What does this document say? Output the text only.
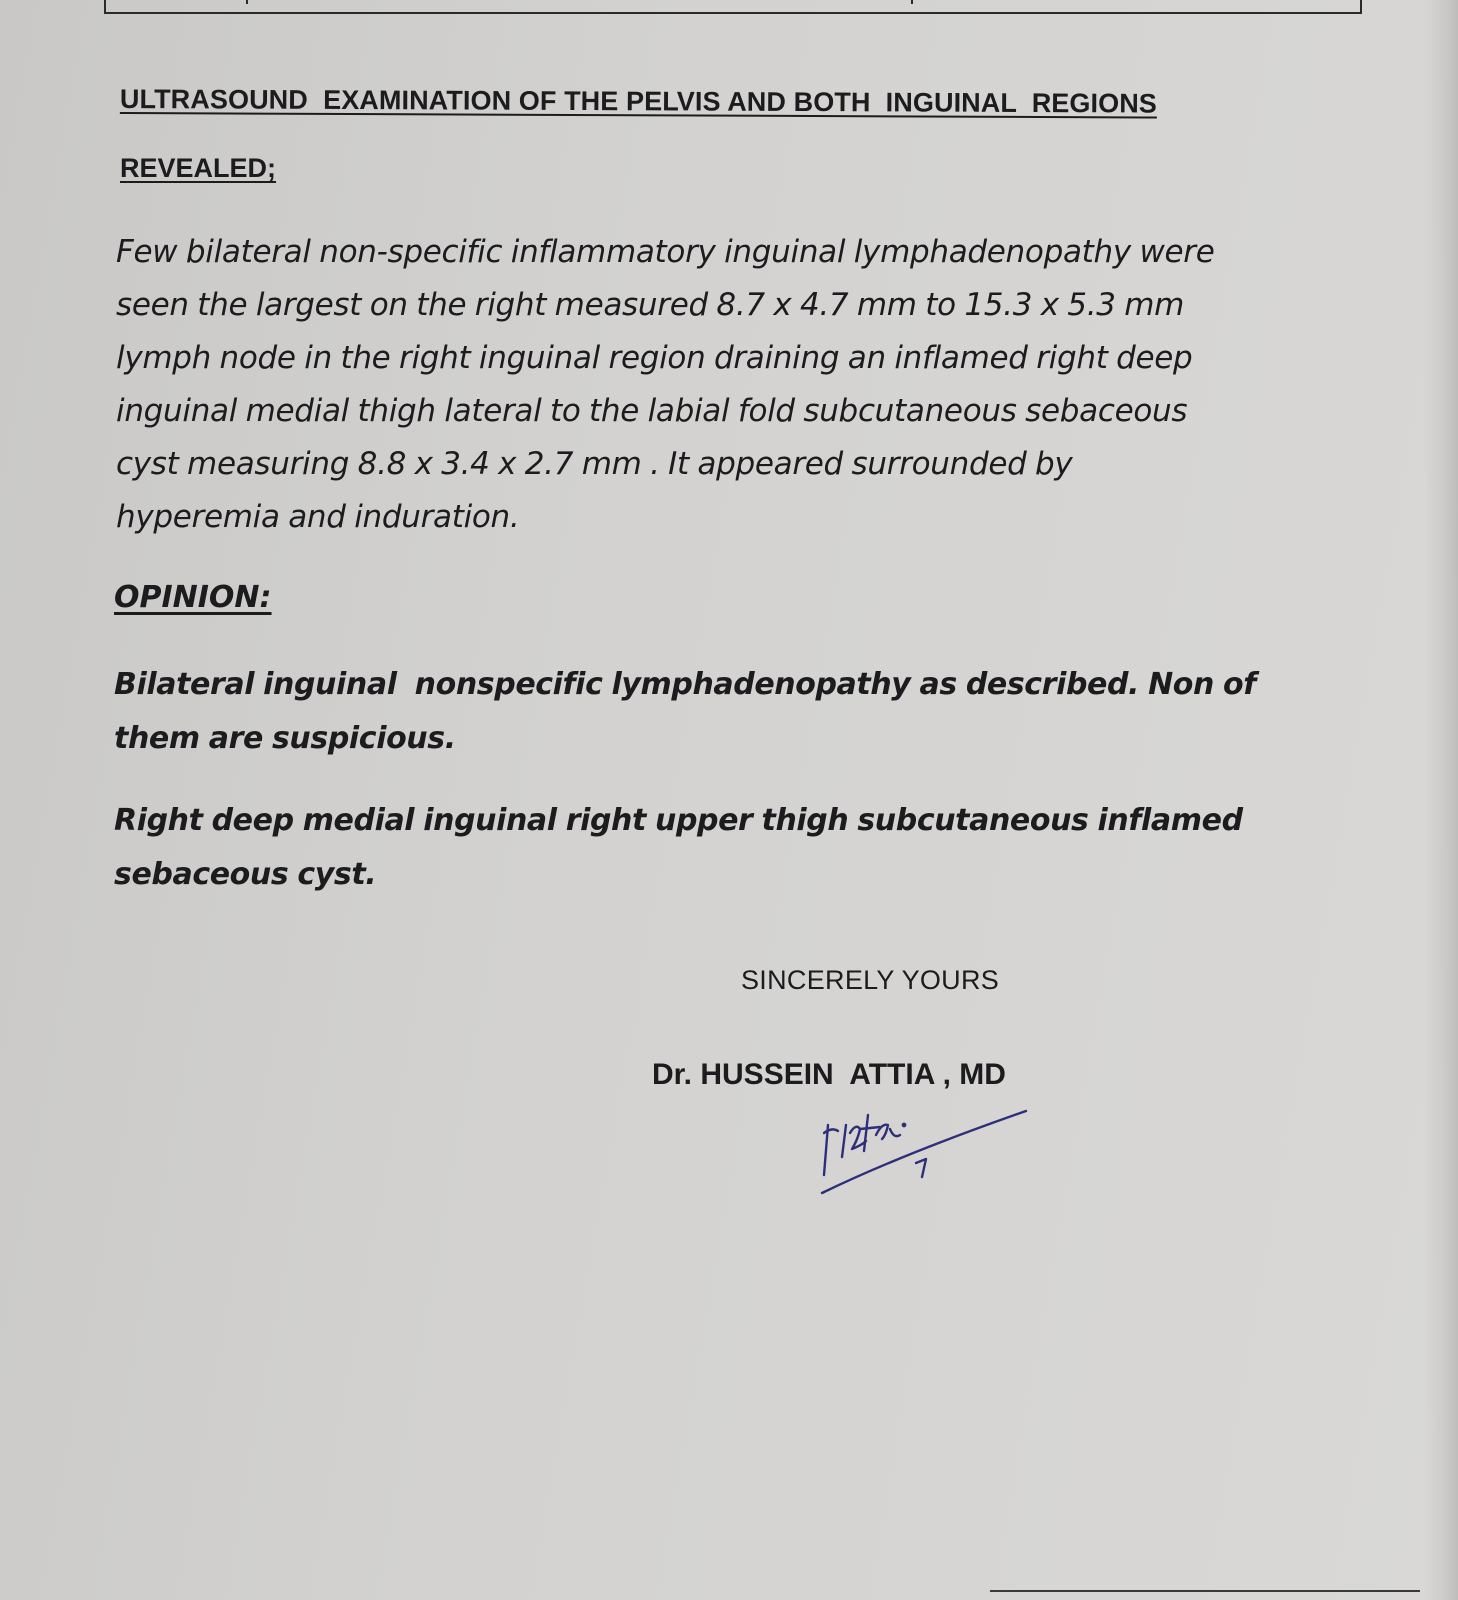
ULTRASOUND  EXAMINATION OF THE PELVIS AND BOTH  INGUINAL  REGIONS
REVEALED;
Few bilateral non-specific inflammatory inguinal lymphadenopathy were
seen the largest on the right measured 8.7 x 4.7 mm to 15.3 x 5.3 mm
lymph node in the right inguinal region draining an inflamed right deep
inguinal medial thigh lateral to the labial fold subcutaneous sebaceous
cyst measuring 8.8 x 3.4 x 2.7 mm . It appeared surrounded by
hyperemia and induration.
OPINION:
Bilateral inguinal  nonspecific lymphadenopathy as described. Non of
them are suspicious.
Right deep medial inguinal right upper thigh subcutaneous inflamed
sebaceous cyst.
SINCERELY YOURS
Dr. HUSSEIN  ATTIA , MD
